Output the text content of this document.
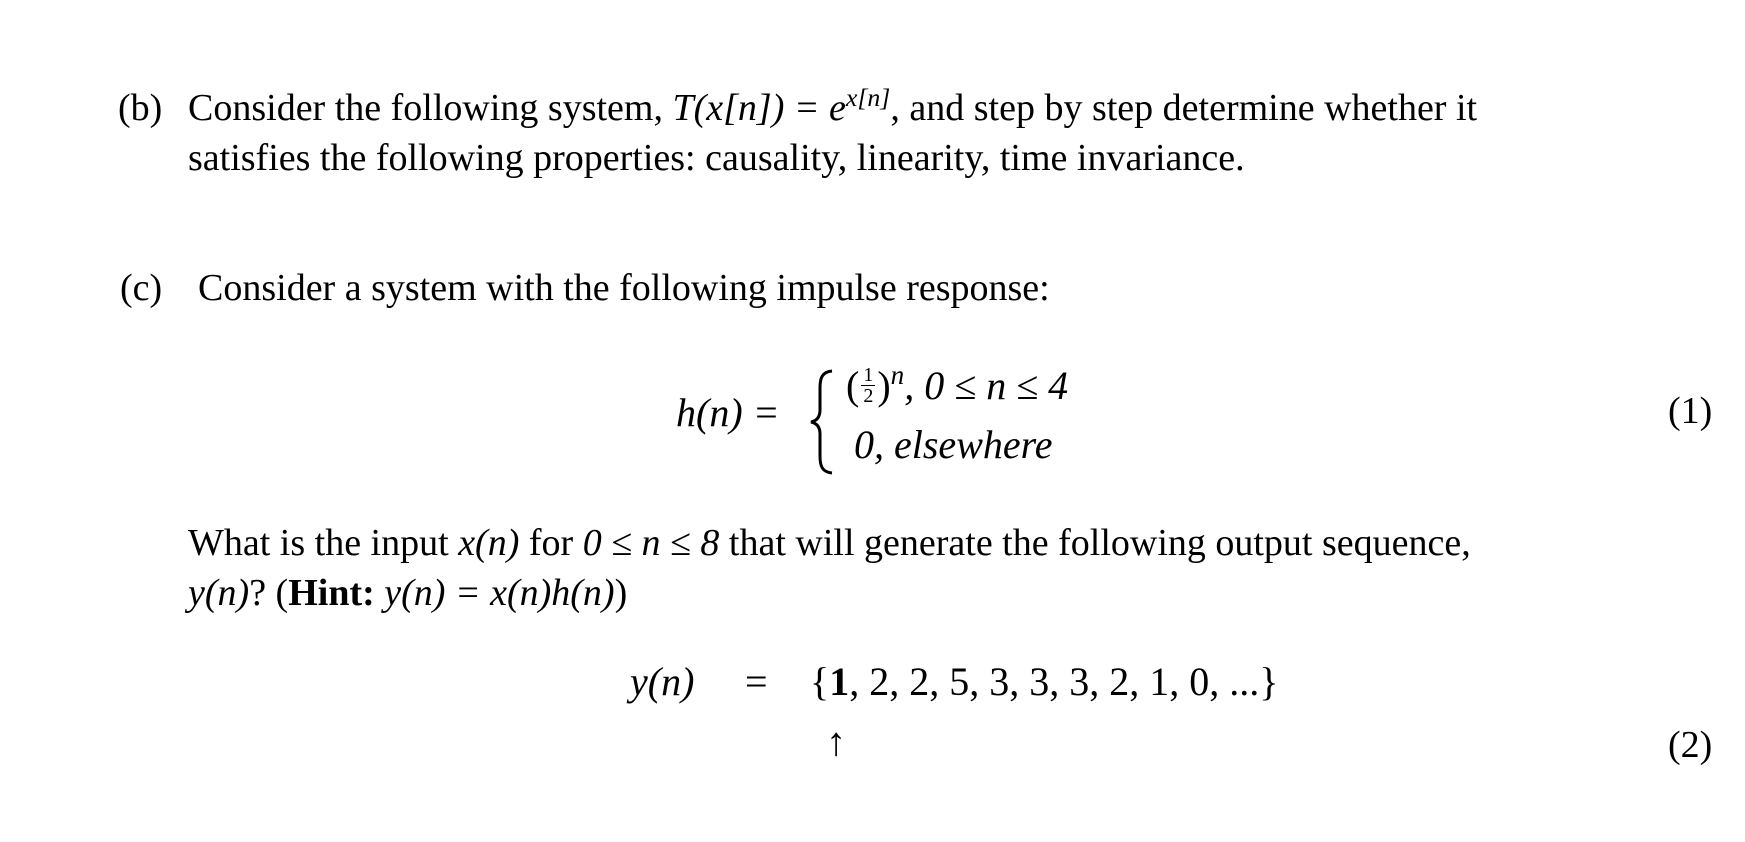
(b) Consider the following system, $T(x[n]) = e^{x[n]}$, and step by step determine whether it
satisfies the following properties: causality, linearity, time invariance.
(c) Consider a system with the following impulse response:
h(n) =
( $\frac{1}{2} )^n$, 0 ≤ n ≤ 4
0, elsewhere
(1)
What is the input x(n) for 0 ≤ n ≤ 8 that will generate the following output sequence,
y(n)? (Hint: y(n) = x(n)h(n))
y(n) = {1, 2, 2, 5, 3, 3, 3, 2, 1, 0, ...}
↑	(2)
